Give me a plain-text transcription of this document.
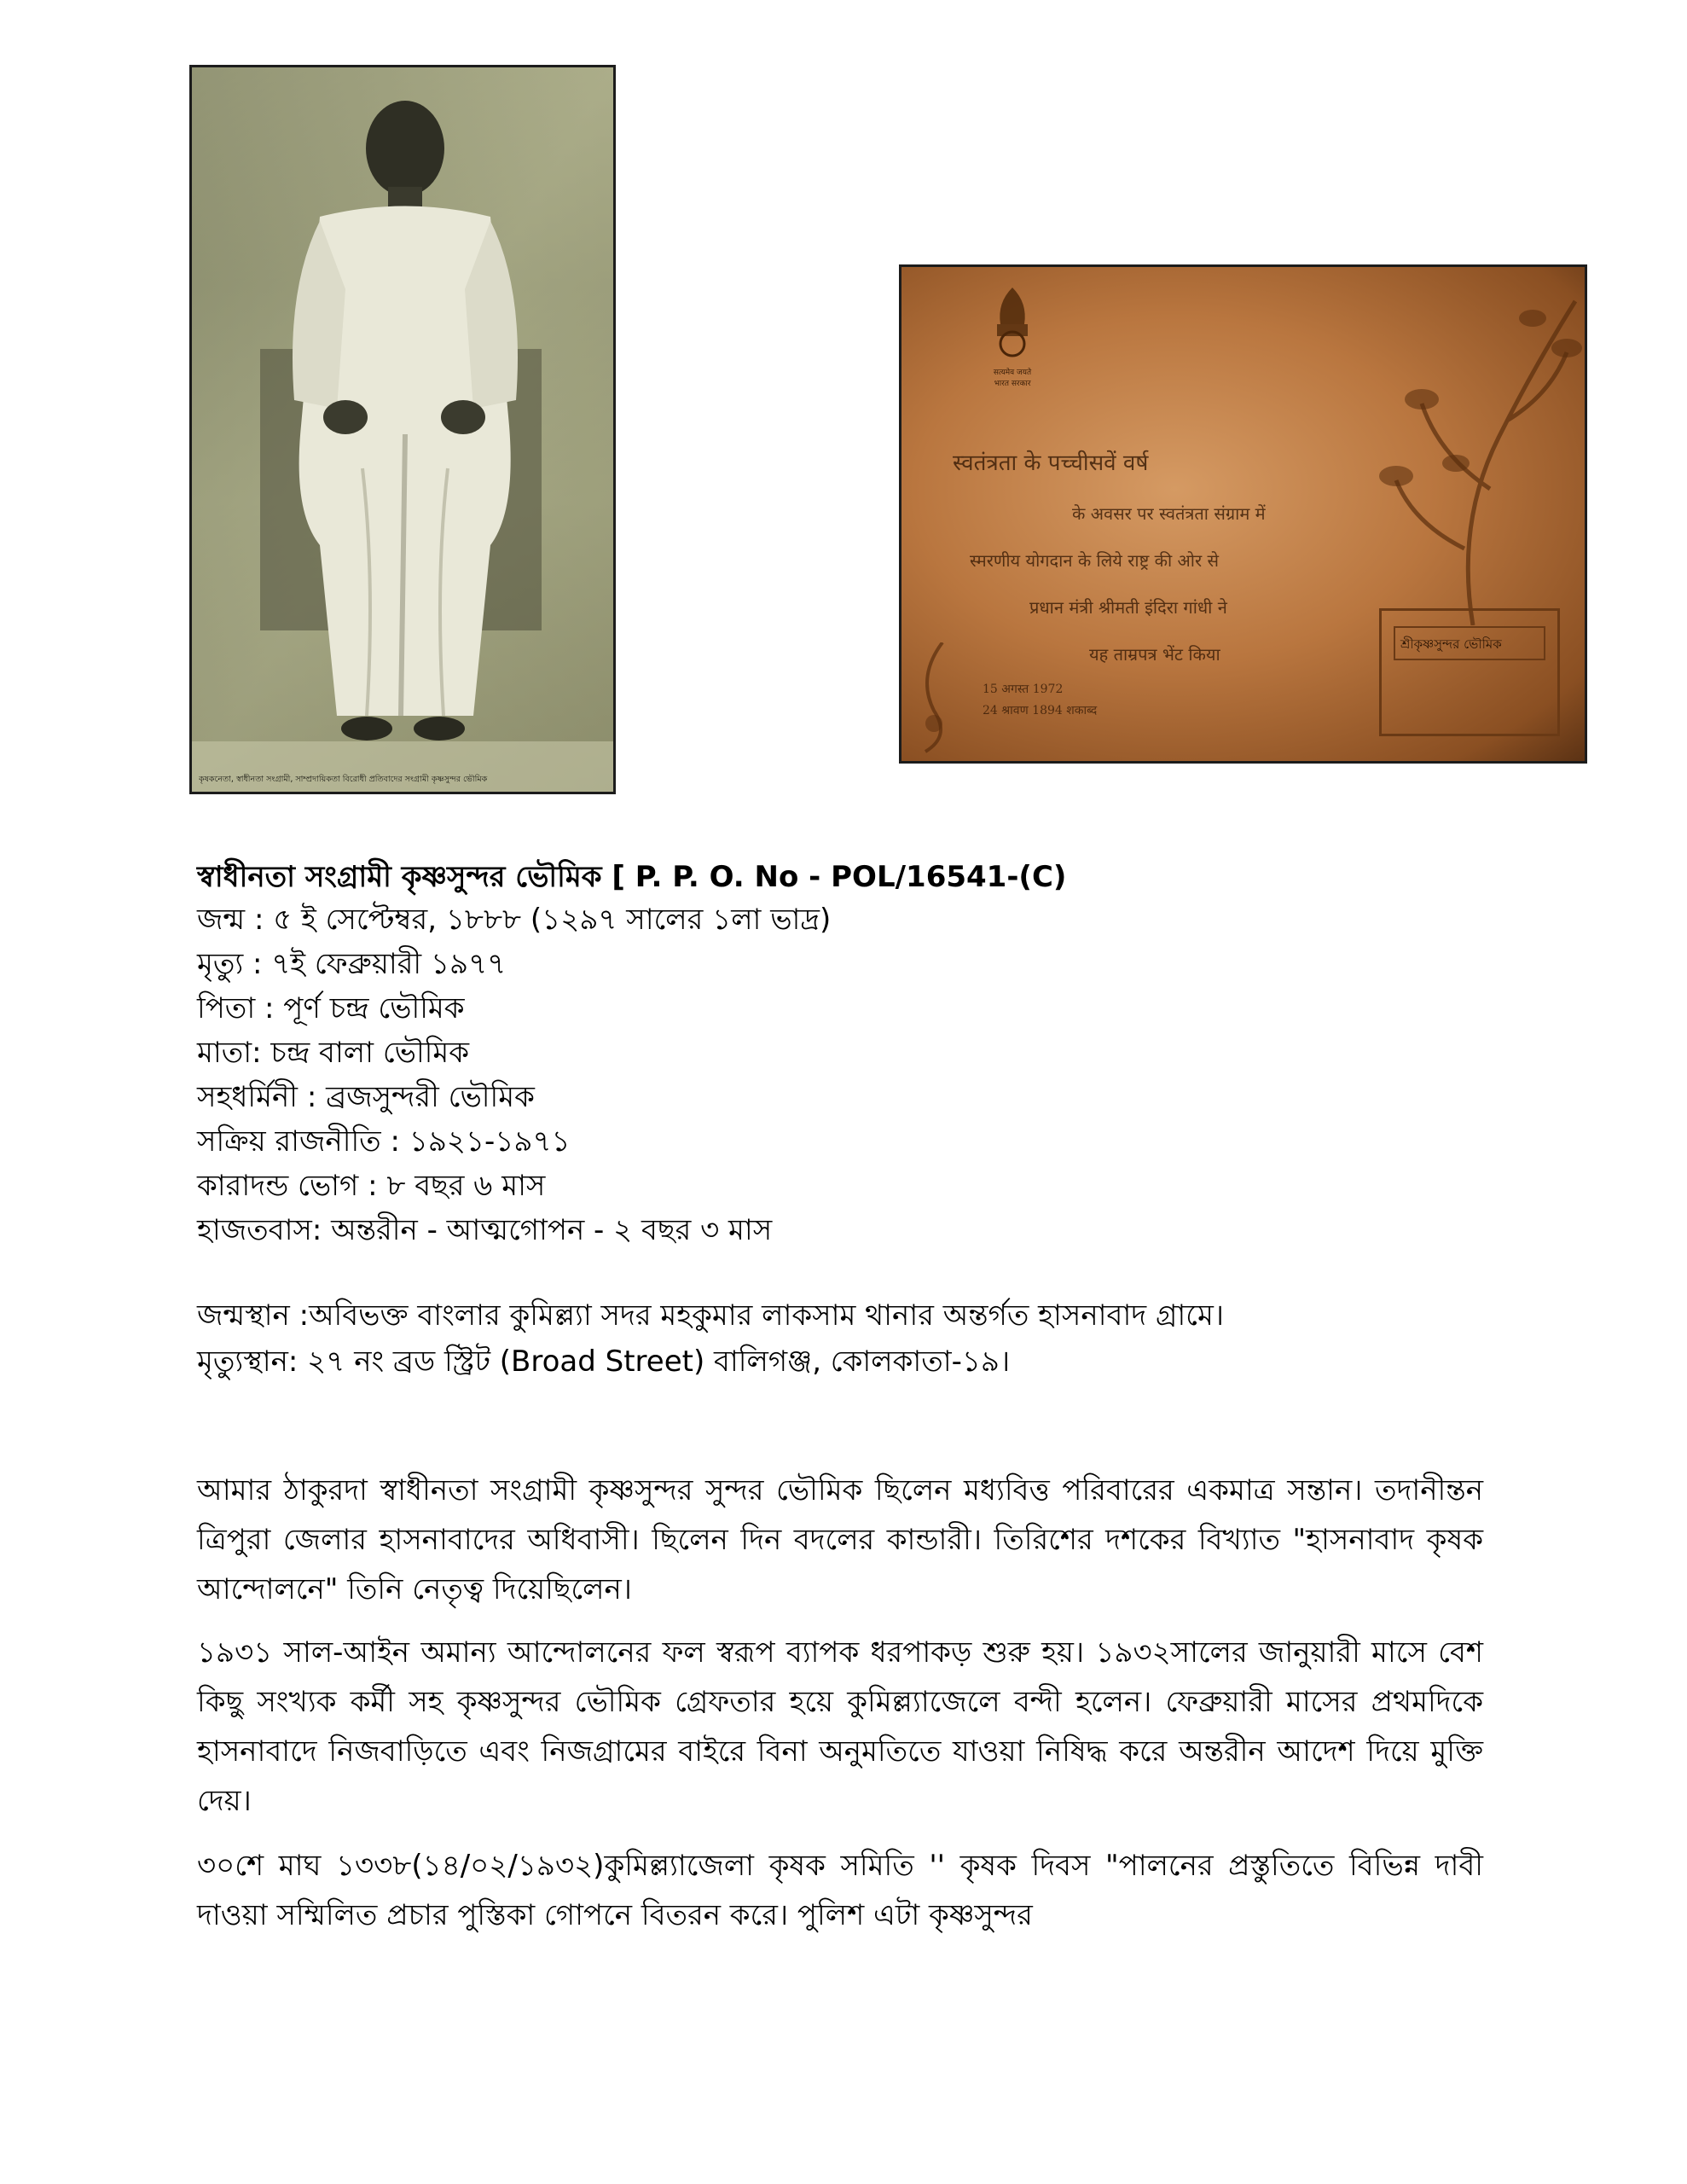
কৃষকনেতা, স্বাধীনতা সংগ্রামী, সাম্প্রদায়িকতা বিরোধী প্রতিবাদের সংগ্রামী কৃষ্ণসুন্দর ভৌমিক
सत्यमेव जयते
भारत सरकार
स्वतंत्रता के पच्चीसवें वर्ष
के अवसर पर स्वतंत्रता संग्राम में
स्मरणीय योगदान के लिये राष्ट्र की ओर से
प्रधान मंत्री श्रीमती इंदिरा गांधी ने
यह ताम्रपत्र भेंट किया
15 अगस्त 1972
24 श्रावण 1894 शकाब्द
শ্রীকৃষ্ণসুন্দর ভৌমিক
স্বাধীনতা সংগ্রামী কৃষ্ণসুন্দর ভৌমিক [ P. P. O. No - POL/16541-(C)
জন্ম : ৫ ই সেপ্টেম্বর, ১৮৮৮ (১২৯৭ সালের ১লা ভাদ্র)
মৃত্যু : ৭ই ফেব্রুয়ারী ১৯৭৭
পিতা : পূর্ণ চন্দ্র ভৌমিক
মাতা: চন্দ্র বালা ভৌমিক
সহধর্মিনী : ব্রজসুন্দরী ভৌমিক
সক্রিয় রাজনীতি : ১৯২১-১৯৭১
কারাদন্ড ভোগ : ৮ বছর ৬ মাস
হাজতবাস: অন্তরীন - আত্মগোপন - ২ বছর ৩ মাস
জন্মস্থান :অবিভক্ত বাংলার কুমিল্ল্যা সদর মহকুমার লাকসাম থানার অন্তর্গত হাসনাবাদ গ্রামে।
মৃত্যুস্থান: ২৭ নং ব্রড স্ট্রিট (Broad Street) বালিগঞ্জ, কোলকাতা-১৯।
আমার ঠাকুরদা স্বাধীনতা সংগ্রামী কৃষ্ণসুন্দর সুন্দর ভৌমিক ছিলেন মধ্যবিত্ত পরিবারের একমাত্র সন্তান। তদানীন্তন ত্রিপুরা জেলার হাসনাবাদের অধিবাসী। ছিলেন দিন বদলের কান্ডারী। তিরিশের দশকের বিখ্যাত "হাসনাবাদ কৃষক আন্দোলনে" তিনি নেতৃত্ব দিয়েছিলেন।
১৯৩১ সাল-আইন অমান্য আন্দোলনের ফল স্বরূপ ব্যাপক ধরপাকড় শুরু হয়। ১৯৩২সালের জানুয়ারী মাসে বেশ কিছু সংখ্যক কর্মী সহ কৃষ্ণসুন্দর ভৌমিক গ্রেফতার হয়ে কুমিল্ল্যাজেলে বন্দী হলেন। ফেব্রুয়ারী মাসের প্রথমদিকে হাসনাবাদে নিজবাড়িতে এবং নিজগ্রামের বাইরে বিনা অনুমতিতে যাওয়া নিষিদ্ধ করে অন্তরীন আদেশ দিয়ে মুক্তি দেয়।
৩০শে মাঘ ১৩৩৮(১৪/০২/১৯৩২)কুমিল্ল্যাজেলা কৃষক সমিতি '' কৃষক দিবস "পালনের প্রস্তুতিতে বিভিন্ন দাবী দাওয়া সম্মিলিত প্রচার পুস্তিকা গোপনে বিতরন করে। পুলিশ এটা কৃষ্ণসুন্দর
